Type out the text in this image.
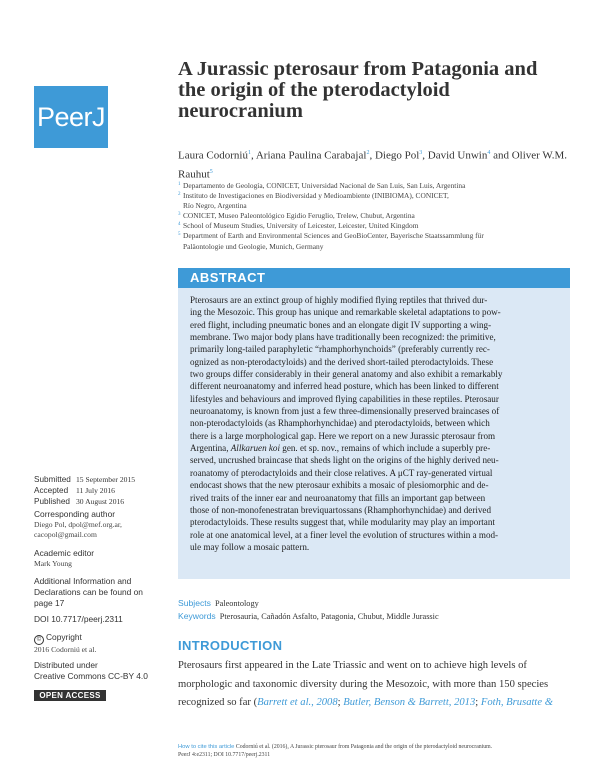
PeerJ
A Jurassic pterosaur from Patagonia and the origin of the pterodactyloid neurocranium
Laura Codorniú$^1$, Ariana Paulina Carabajal$^2$, Diego Pol$^3$, David Unwin$^4$ and Oliver W.M. Rauhut$^5$
1 Departamento de Geología, CONICET, Universidad Nacional de San Luis, San Luis, Argentina
2 Instituto de Investigaciones en Biodiversidad y Medioambiente (INIBIOMA), CONICET,
Río Negro, Argentina
3 CONICET, Museo Paleontológico Egidio Feruglio, Trelew, Chubut, Argentina
4 School of Museum Studies, University of Leicester, Leicester, United Kingdom
5 Department of Earth and Environmental Sciences and GeoBioCenter, Bayerische Staatssammlung für
Paläontologie und Geologie, Munich, Germany
ABSTRACT
Pterosaurs are an extinct group of highly modified flying reptiles that thrived dur-
ing the Mesozoic. This group has unique and remarkable skeletal adaptations to pow-
ered flight, including pneumatic bones and an elongate digit IV supporting a wing-
membrane. Two major body plans have traditionally been recognized: the primitive,
primarily long-tailed paraphyletic “rhamphorhynchoids” (preferably currently rec-
ognized as non-pterodactyloids) and the derived short-tailed pterodactyloids. These
two groups differ considerably in their general anatomy and also exhibit a remarkably
different neuroanatomy and inferred head posture, which has been linked to different
lifestyles and behaviours and improved flying capabilities in these reptiles. Pterosaur
neuroanatomy, is known from just a few three-dimensionally preserved braincases of
non-pterodactyloids (as Rhamphorhynchidae) and pterodactyloids, between which
there is a large morphological gap. Here we report on a new Jurassic pterosaur from
Argentina, Allkaruen koi gen. et sp. nov., remains of which include a superbly pre-
served, uncrushed braincase that sheds light on the origins of the highly derived neu-
roanatomy of pterodactyloids and their close relatives. A μCT ray-generated virtual
endocast shows that the new pterosaur exhibits a mosaic of plesiomorphic and de-
rived traits of the inner ear and neuroanatomy that fills an important gap between
those of non-monofenestratan breviquartossans (Rhamphorhynchidae) and derived
pterodactyloids. These results suggest that, while modularity may play an important
role at one anatomical level, at a finer level the evolution of structures within a mod-
ule may follow a mosaic pattern.
Submitted 15 September 2015
Accepted 11 July 2016
Published 30 August 2016
Corresponding author
Diego Pol, dpol@mef.org.ar,
cacopol@gmail.com
Academic editor
Mark Young
Additional Information and
Declarations can be found on
page 17
DOI 10.7717/peerj.2311
© Copyright
2016 Codorniú et al.
Distributed under
Creative Commons CC-BY 4.0
OPEN ACCESS
Subjects Paleontology
Keywords Pterosauria, Cañadón Asfalto, Patagonia, Chubut, Middle Jurassic
INTRODUCTION
Pterosaurs first appeared in the Late Triassic and went on to achieve high levels of
morphologic and taxonomic diversity during the Mesozoic, with more than 150 species
recognized so far (Barrett et al., 2008; Butler, Benson & Barrett, 2013; Foth, Brusatte &
How to cite this article Codorniú et al. (2016), A Jurassic pterosaur from Patagonia and the origin of the pterodactyloid neurocranium.
PeerJ 4:e2311; DOI 10.7717/peerj.2311
